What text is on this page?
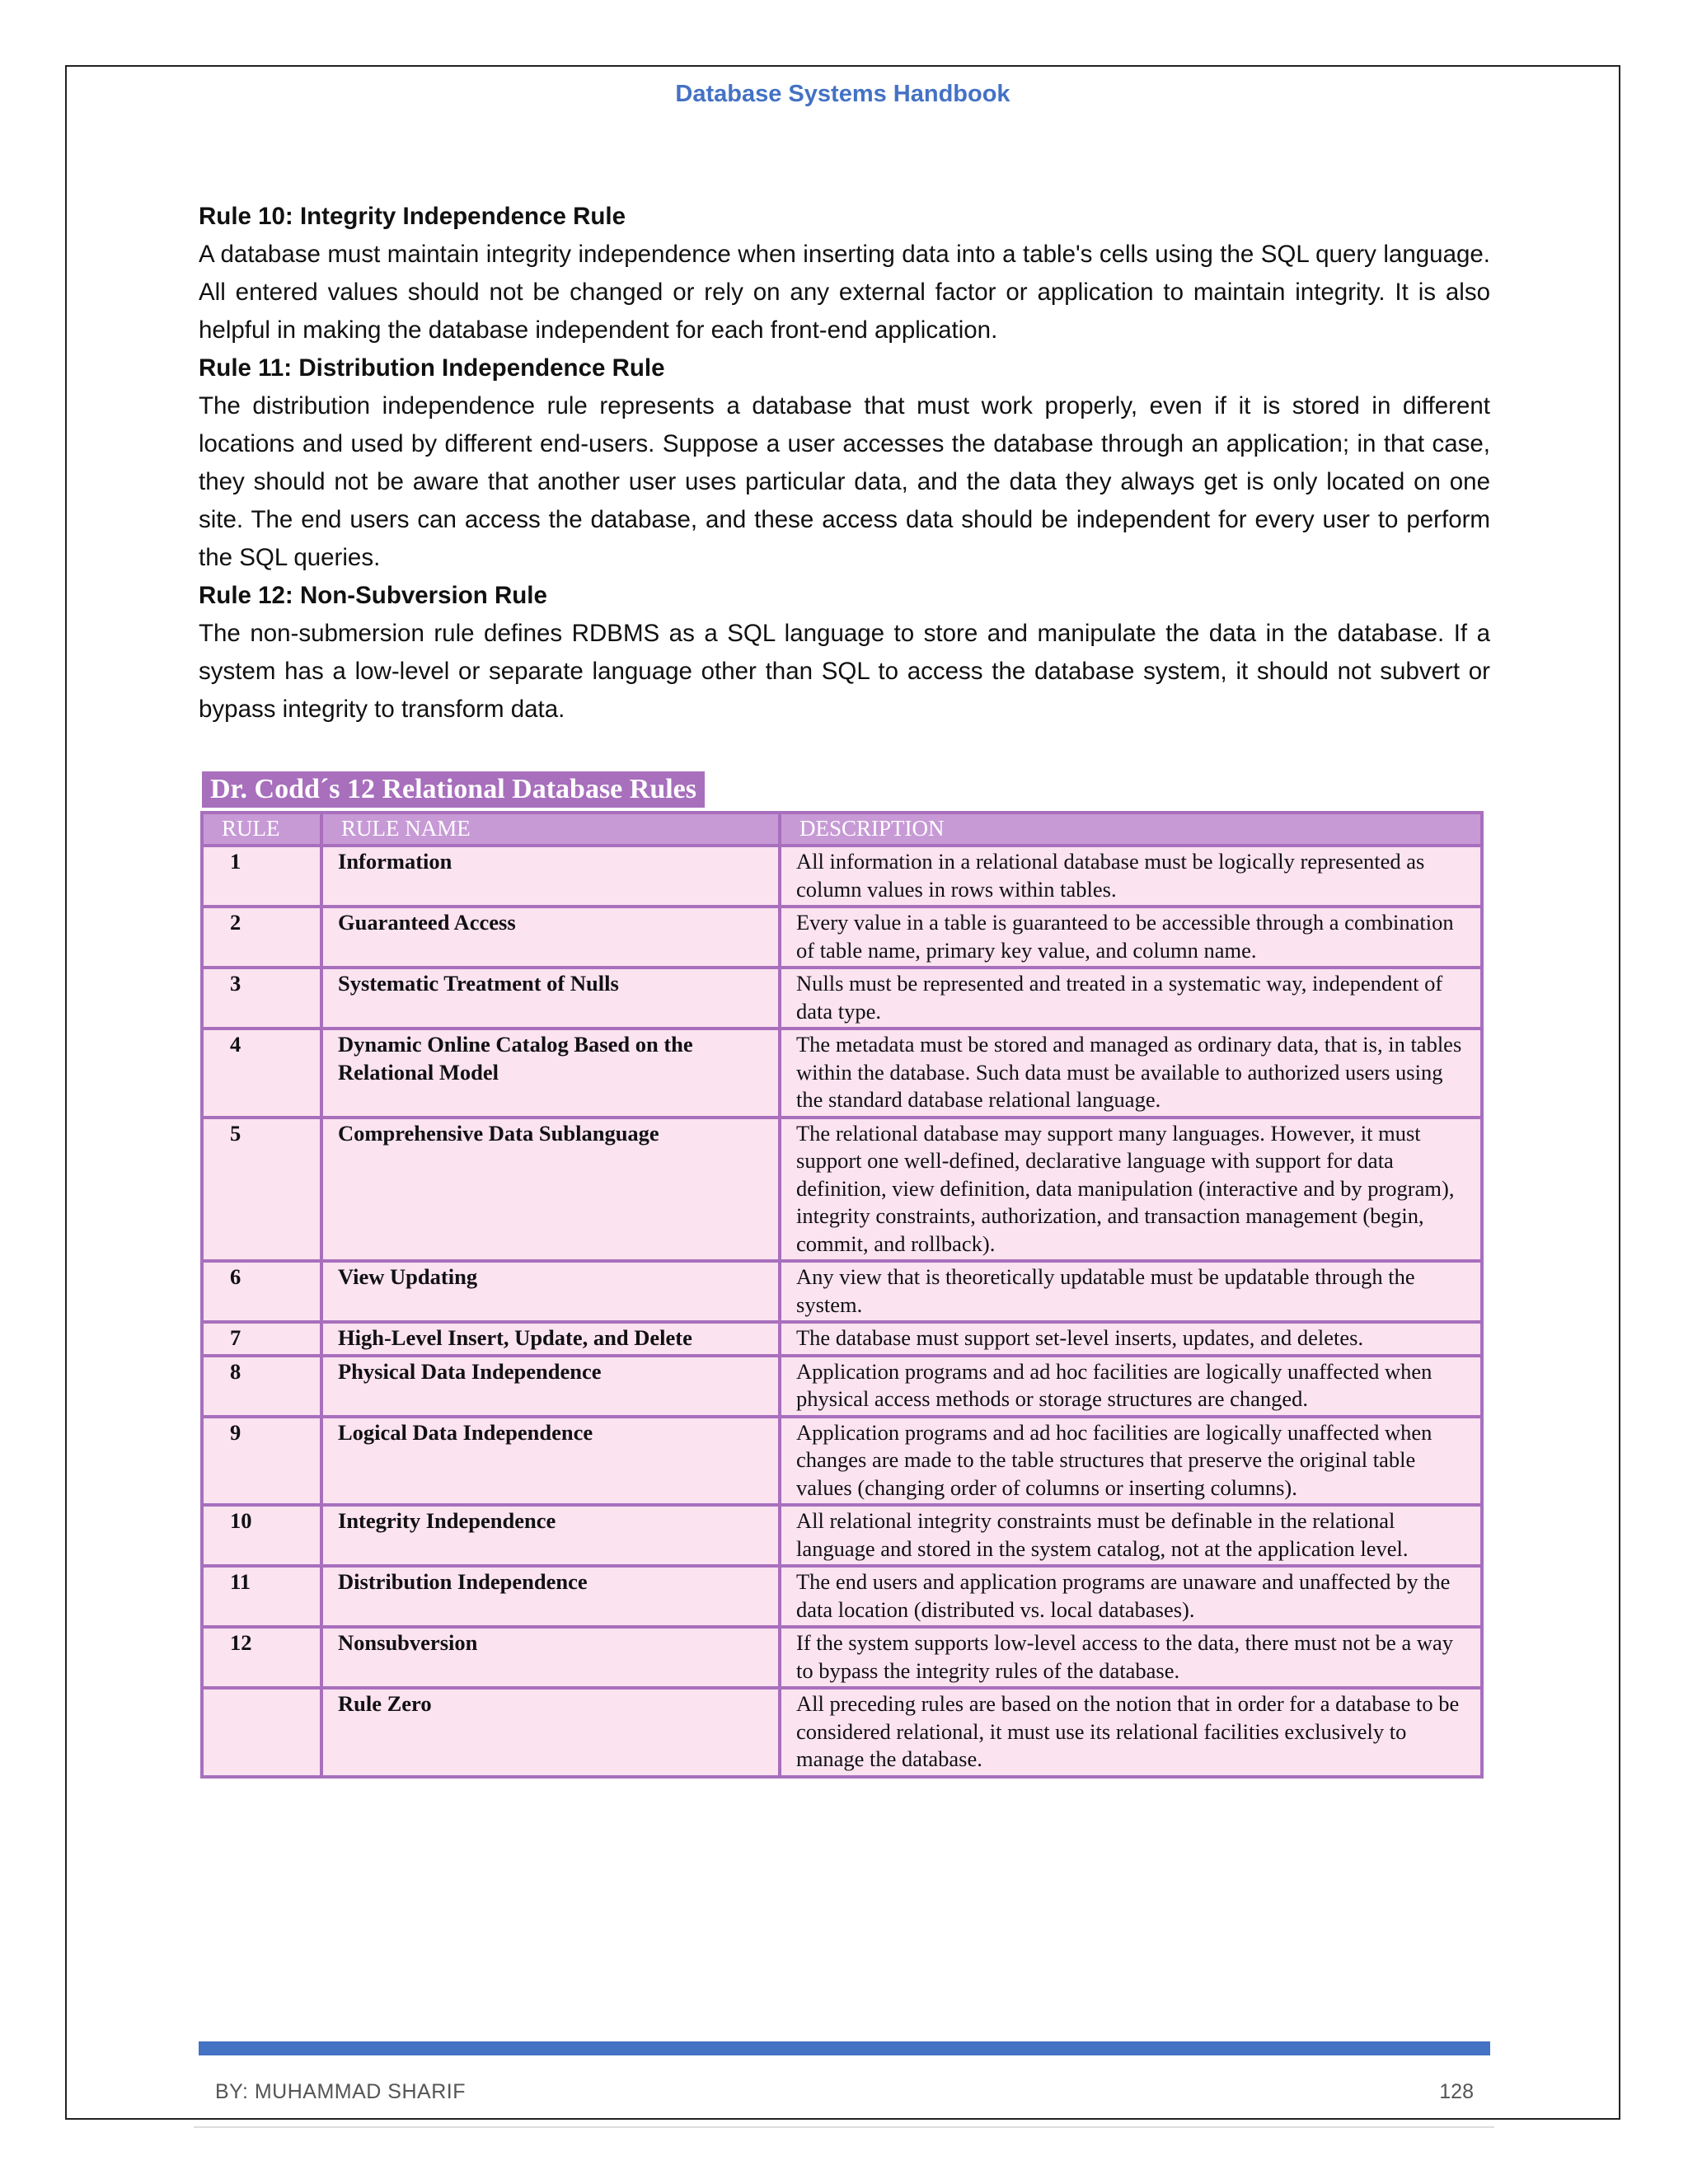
Database Systems Handbook
Rule 10: Integrity Independence Rule

A database must maintain integrity independence when inserting data into a table's cells using the SQL query language. All entered values should not be changed or rely on any external factor or application to maintain integrity. It is also helpful in making the database independent for each front-end application.

Rule 11: Distribution Independence Rule

The distribution independence rule represents a database that must work properly, even if it is stored in different locations and used by different end-users. Suppose a user accesses the database through an application; in that case, they should not be aware that another user uses particular data, and the data they always get is only located on one site. The end users can access the database, and these access data should be independent for every user to perform the SQL queries.

Rule 12: Non-Subversion Rule

The non-submersion rule defines RDBMS as a SQL language to store and manipulate the data in the database. If a system has a low-level or separate language other than SQL to access the database system, it should not subvert or bypass integrity to transform data.

Dr. Codd´s 12 Relational Database Rules
RULE	RULE NAME	DESCRIPTION
1	Information	All information in a relational database must be logically represented as column values in rows within tables.
2	Guaranteed Access	Every value in a table is guaranteed to be accessible through a combination of table name, primary key value, and column name.
3	Systematic Treatment of Nulls	Nulls must be represented and treated in a systematic way, independent of data type.
4	Dynamic Online Catalog Based on the Relational Model	The metadata must be stored and managed as ordinary data, that is, in tables within the database. Such data must be available to authorized users using the standard database relational language.
5	Comprehensive Data Sublanguage	The relational database may support many languages. However, it must support one well-defined, declarative language with support for data definition, view definition, data manipulation (interactive and by program), integrity constraints, authorization, and transaction management (begin, commit, and rollback).
6	View Updating	Any view that is theoretically updatable must be updatable through the system.
7	High-Level Insert, Update, and Delete	The database must support set-level inserts, updates, and deletes.
8	Physical Data Independence	Application programs and ad hoc facilities are logically unaffected when physical access methods or storage structures are changed.
9	Logical Data Independence	Application programs and ad hoc facilities are logically unaffected when changes are made to the table structures that preserve the original table values (changing order of columns or inserting columns).
10	Integrity Independence	All relational integrity constraints must be definable in the relational language and stored in the system catalog, not at the application level.
11	Distribution Independence	The end users and application programs are unaware and unaffected by the data location (distributed vs. local databases).
12	Nonsubversion	If the system supports low-level access to the data, there must not be a way to bypass the integrity rules of the database.
	Rule Zero	All preceding rules are based on the notion that in order for a database to be considered relational, it must use its relational facilities exclusively to manage the database.
BY: MUHAMMAD SHARIF	128
